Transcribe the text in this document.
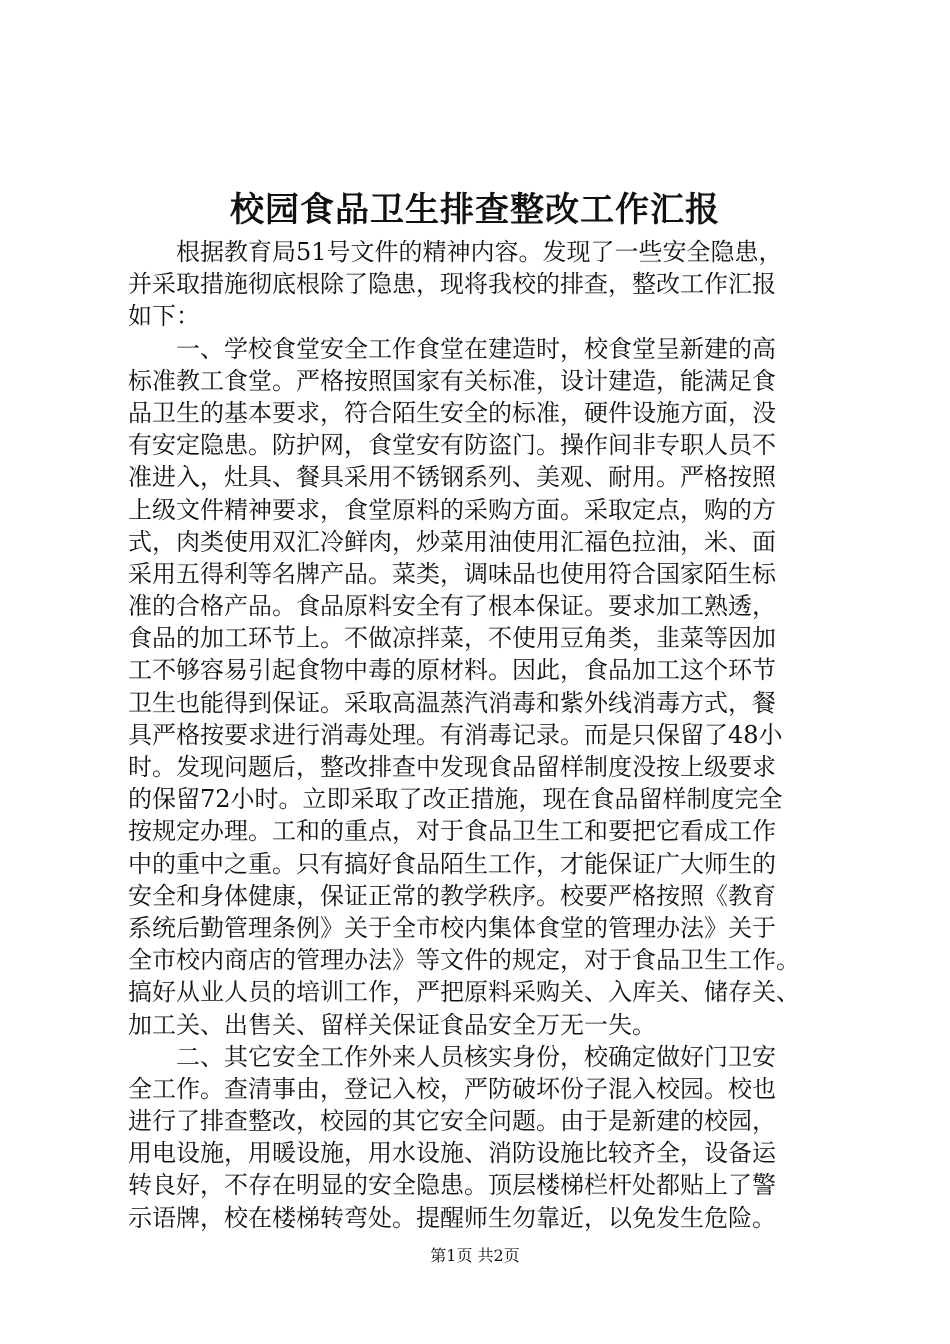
校园食品卫生排查整改工作汇报
根据教育局51号文件的精神内容。发现了一些安全隐患，
并采取措施彻底根除了隐患，现将我校的排查，整改工作汇报
如下：
一、学校食堂安全工作食堂在建造时，校食堂呈新建的高
标准教工食堂。严格按照国家有关标准，设计建造，能满足食
品卫生的基本要求，符合陌生安全的标准，硬件设施方面，没
有安定隐患。防护网，食堂安有防盗门。操作间非专职人员不
准进入，灶具、餐具采用不锈钢系列、美观、耐用。严格按照
上级文件精神要求，食堂原料的采购方面。采取定点，购的方
式，肉类使用双汇冷鲜肉，炒菜用油使用汇福色拉油，米、面
采用五得利等名牌产品。菜类，调味品也使用符合国家陌生标
准的合格产品。食品原料安全有了根本保证。要求加工熟透，
食品的加工环节上。不做凉拌菜，不使用豆角类，韭菜等因加
工不够容易引起食物中毒的原材料。因此，食品加工这个环节
卫生也能得到保证。采取高温蒸汽消毒和紫外线消毒方式，餐
具严格按要求进行消毒处理。有消毒记录。而是只保留了48小
时。发现问题后，整改排查中发现食品留样制度没按上级要求
的保留72小时。立即采取了改正措施，现在食品留样制度完全
按规定办理。工和的重点，对于食品卫生工和要把它看成工作
中的重中之重。只有搞好食品陌生工作，才能保证广大师生的
安全和身体健康，保证正常的教学秩序。校要严格按照《教育
系统后勤管理条例》关于全市校内集体食堂的管理办法》关于
全市校内商店的管理办法》等文件的规定，对于食品卫生工作。
搞好从业人员的培训工作，严把原料采购关、入库关、储存关、
加工关、出售关、留样关保证食品安全万无一失。
二、其它安全工作外来人员核实身份，校确定做好门卫安
全工作。查清事由，登记入校，严防破坏份子混入校园。校也
进行了排查整改，校园的其它安全问题。由于是新建的校园，
用电设施，用暖设施，用水设施、消防设施比较齐全，设备运
转良好，不存在明显的安全隐患。顶层楼梯栏杆处都贴上了警
示语牌，校在楼梯转弯处。提醒师生勿靠近，以免发生危险。
第1页 共2页
